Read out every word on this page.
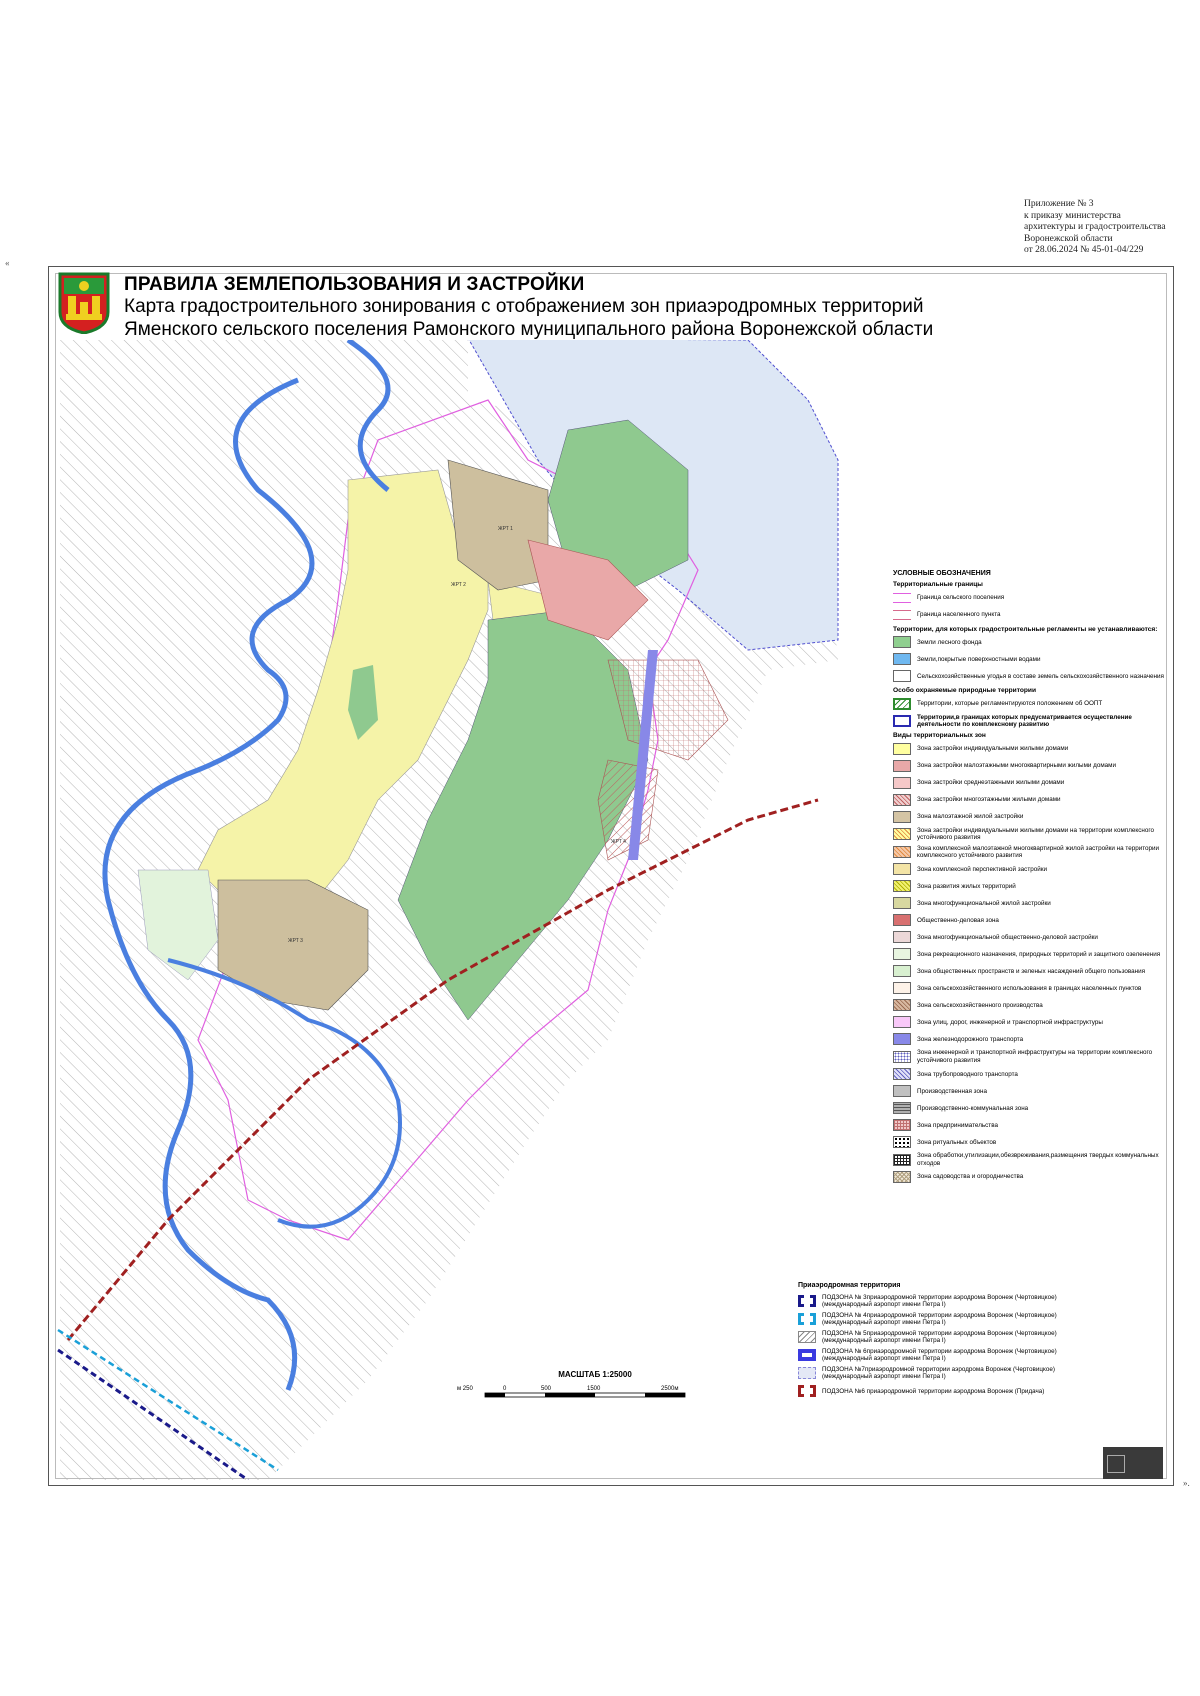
Приложение № 3
к приказу министерства
архитектуры и градостроительства
Воронежской области
от 28.06.2024 № 45-01-04/229
«
».
ПРАВИЛА ЗЕМЛЕПОЛЬЗОВАНИЯ И ЗАСТРОЙКИ
Карта градостроительного зонирования с отображением зон приаэродромных территорий
Яменского сельского поселения Рамонского муниципального района Воронежской области
ЖРТ 1
ЖРТ 2
ЖРТ 3
ЖРТ 4
УСЛОВНЫЕ ОБОЗНАЧЕНИЯ
Территориальные границы
Граница сельского поселения
Граница населенного пункта
Территории, для которых градостроительные регламенты не устанавливаются:
Земли лесного фонда
Земли,покрытые поверхностными водами
Сельскохозяйственные угодья в составе земель сельскохозяйственного назначения
Особо охраняемые природные территории
Территории, которые регламентируются положением об ООПТ
Территории,в границах которых предусматривается осуществление деятельности по комплексному развитию
Виды территориальных зон
Зона застройки индивидуальными жилыми домами
Зона застройки малоэтажными многоквартирными жилыми домами
Зона застройки среднеэтажными жилыми домами
Зона застройки многоэтажными жилыми домами
Зона малоэтажной жилой застройки
Зона застройки индивидуальными жилыми домами на территории комплексного устойчивого развития
Зона комплексной малоэтажной многоквартирной жилой застройки на территории комплексного устойчивого развития
Зона комплексной перспективной застройки
Зона развития жилых территорий
Зона многофункциональной жилой застройки
Общественно-деловая зона
Зона многофункциональной общественно-деловой застройки
Зона рекреационного назначения, природных территорий и защитного озеленения
Зона общественных пространств и зеленых насаждений общего пользования
Зона сельскохозяйственного использования в границах населенных пунктов
Зона сельскохозяйственного производства
Зона улиц, дорог, инженерной и транспортной инфраструктуры
Зона железнодорожного транспорта
Зона инженерной и транспортной инфраструктуры на территории комплексного устойчивого развития
Зона трубопроводного транспорта
Производственная зона
Производственно-коммунальная зона
Зона предпринимательства
Зона ритуальных объектов
Зона обработки,утилизации,обезвреживания,размещения твердых коммунальных отходов
Зона садоводства и огородничества
Приаэродромная территория
ПОДЗОНА № 3приаэродромной территории аэродрома Воронеж (Чертовицкое) (международный аэропорт имени Петра I)
ПОДЗОНА № 4приаэродромной территории аэродрома Воронеж (Чертовицкое) (международный аэропорт имени Петра I)
ПОДЗОНА № 5приаэродромной территории аэродрома Воронеж (Чертовицкое) (международный аэропорт имени Петра I)
ПОДЗОНА № 6приаэродромной территории аэродрома Воронеж (Чертовицкое) (международный аэропорт имени Петра I)
ПОДЗОНА №7приаэродромной территории аэродрома Воронеж (Чертовицкое) (международный аэропорт имени Петра I)
ПОДЗОНА №6 приаэродромной территории аэродрома Воронеж (Придача)
МАСШТАБ 1:25000
м 250	0	500	1500	2500м
